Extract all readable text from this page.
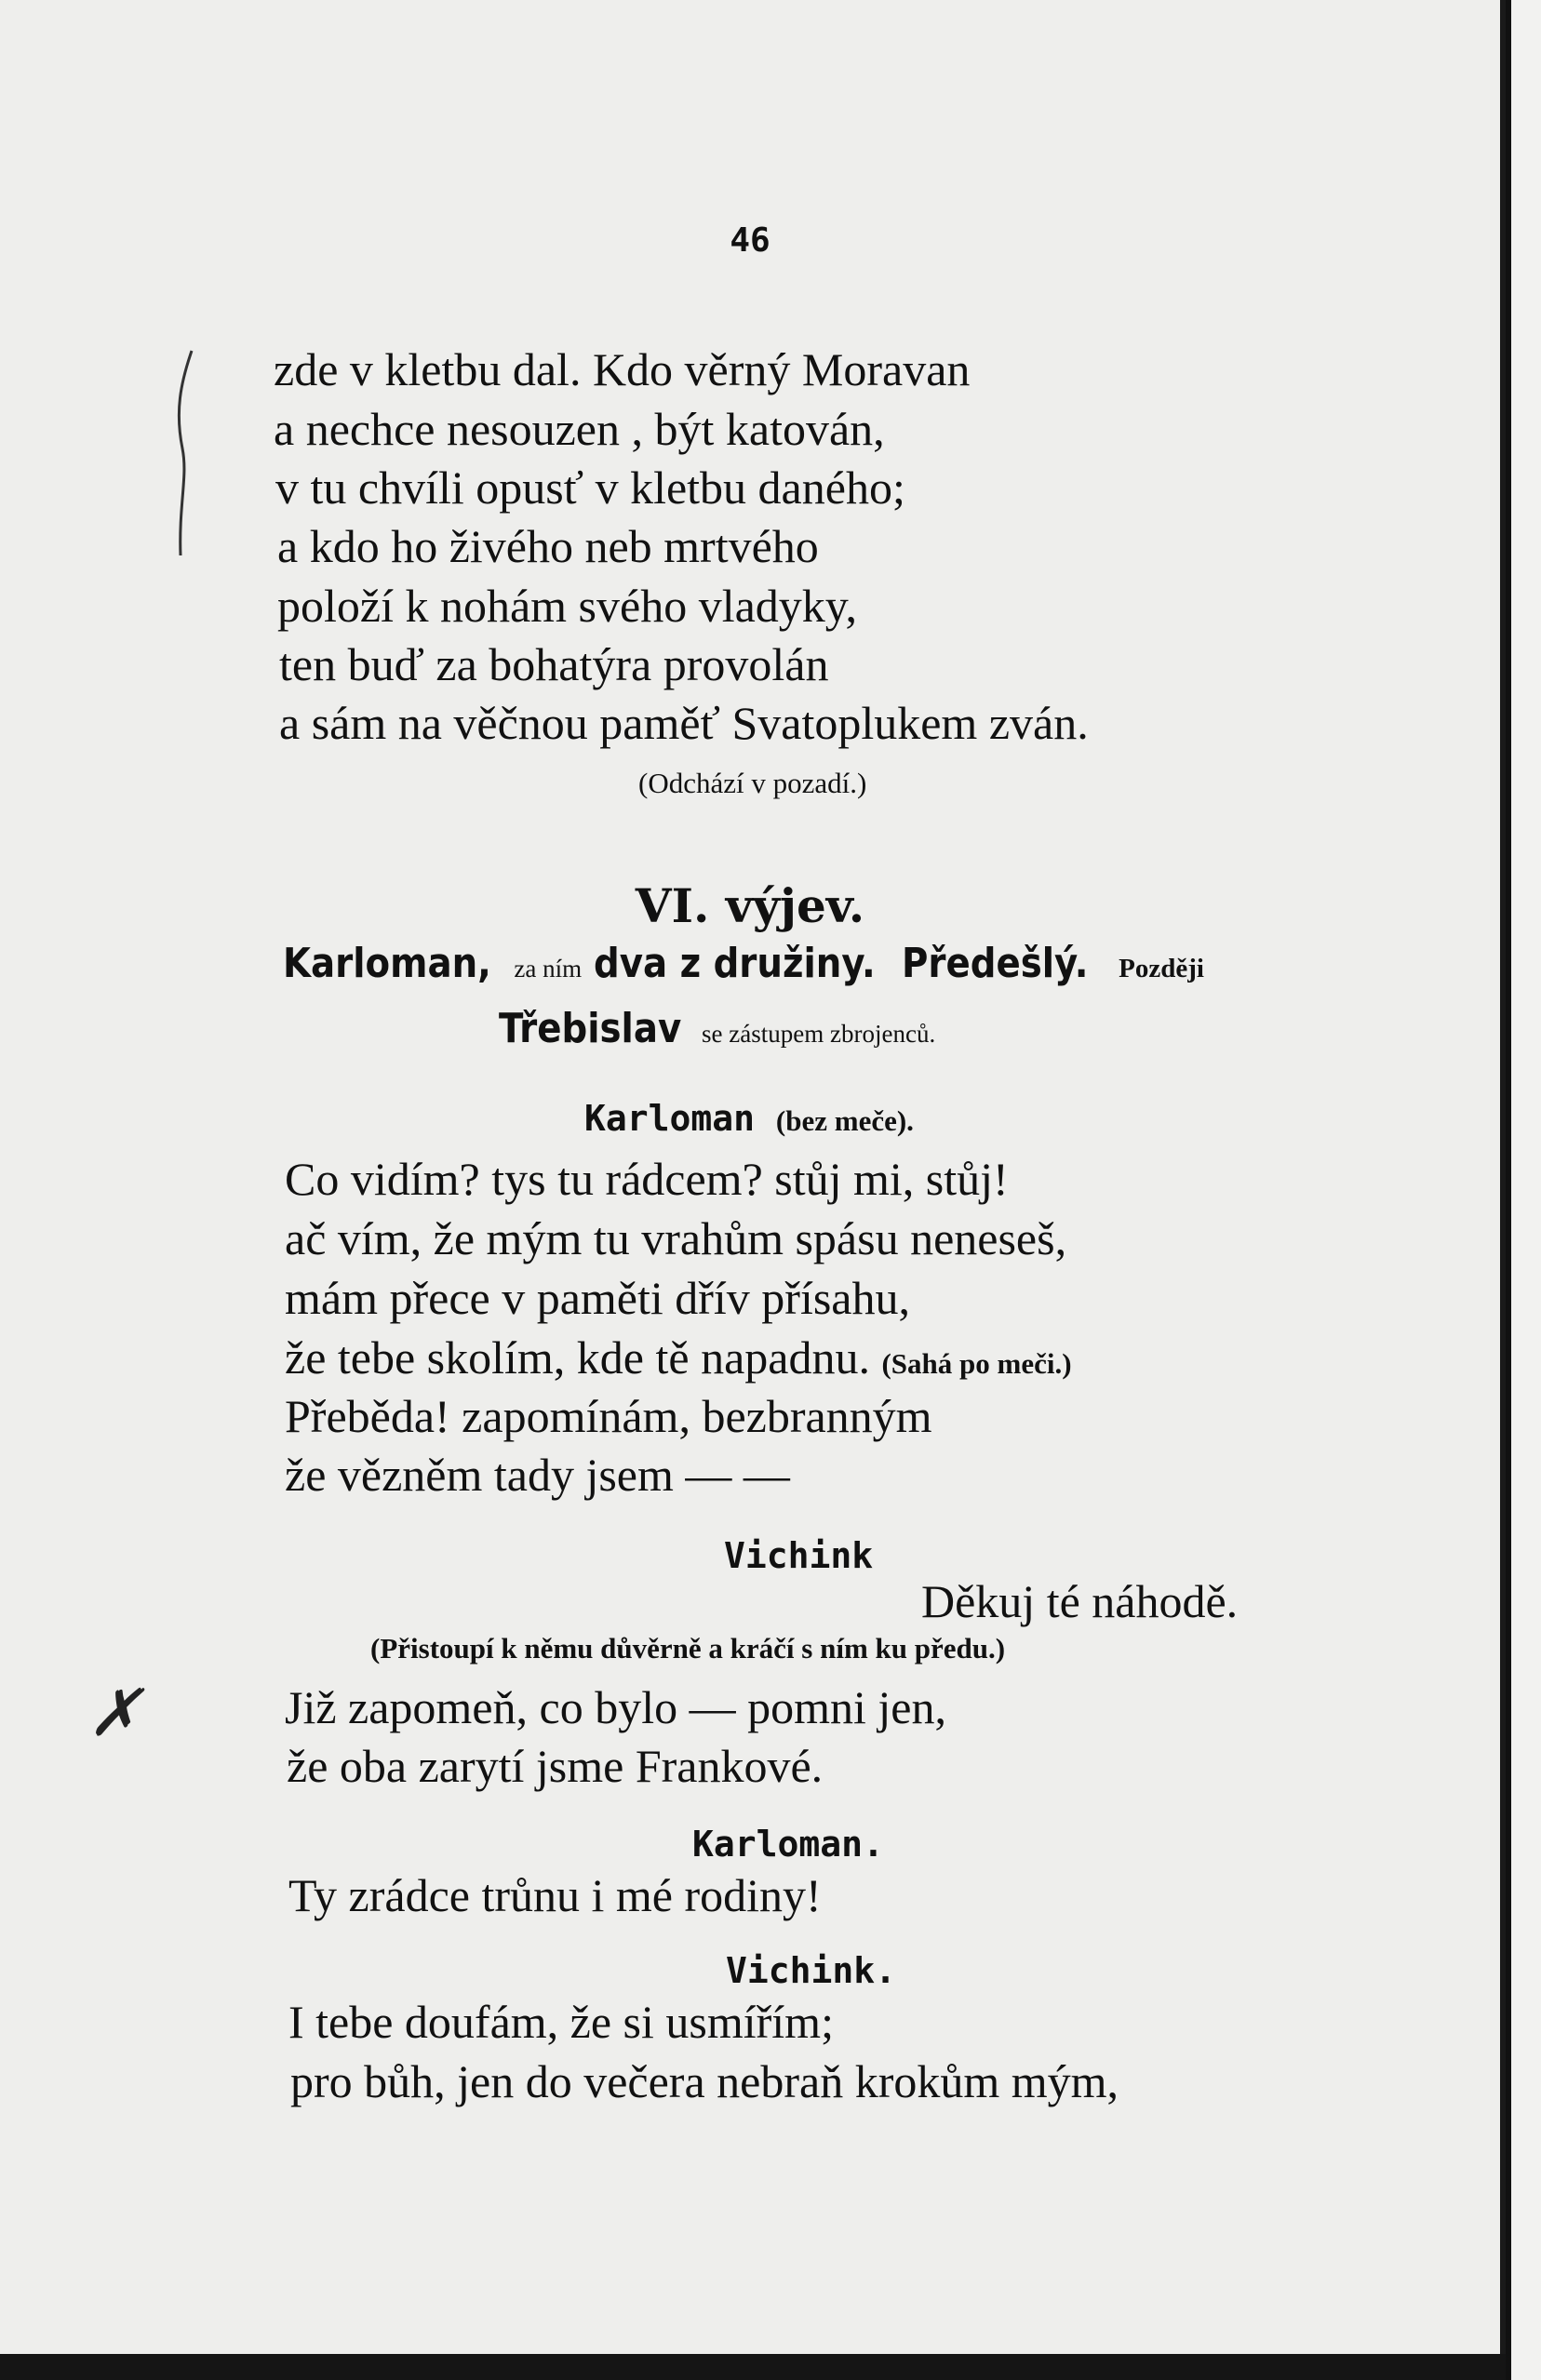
46
zde v kletbu dal. Kdo věrný Moravan
a nechce nesouzen , být katován,
v tu chvíli opusť v kletbu daného;
a kdo ho živého neb mrtvého
položí k nohám svého vladyky,
ten buď za bohatýra provolán
a sám na věčnou paměť Svatoplukem zván.
(Odchází v pozadí.)
VI. výjev.
Karloman, za ním dva z družiny. Předešlý. Později
Třebislav se zástupem zbrojenců.
Karloman (bez meče).
Co vidím? tys tu rádcem? stůj mi, stůj!
ač vím, že mým tu vrahům spásu neneseš,
mám přece v paměti dřív přísahu,
že tebe skolím, kde tě napadnu. (Sahá po meči.)
Přeběda! zapomínám, bezbranným
že vězněm tady jsem — —
Vichink
Děkuj té náhodě.
(Přistoupí k němu důvěrně a kráčí s ním ku předu.)
✗	Již zapomeň, co bylo — pomni jen,
že oba zarytí jsme Frankové.
Karloman.
Ty zrádce trůnu i mé rodiny!
Vichink.
I tebe doufám, že si usmířím;
pro bůh, jen do večera nebraň krokům mým,
